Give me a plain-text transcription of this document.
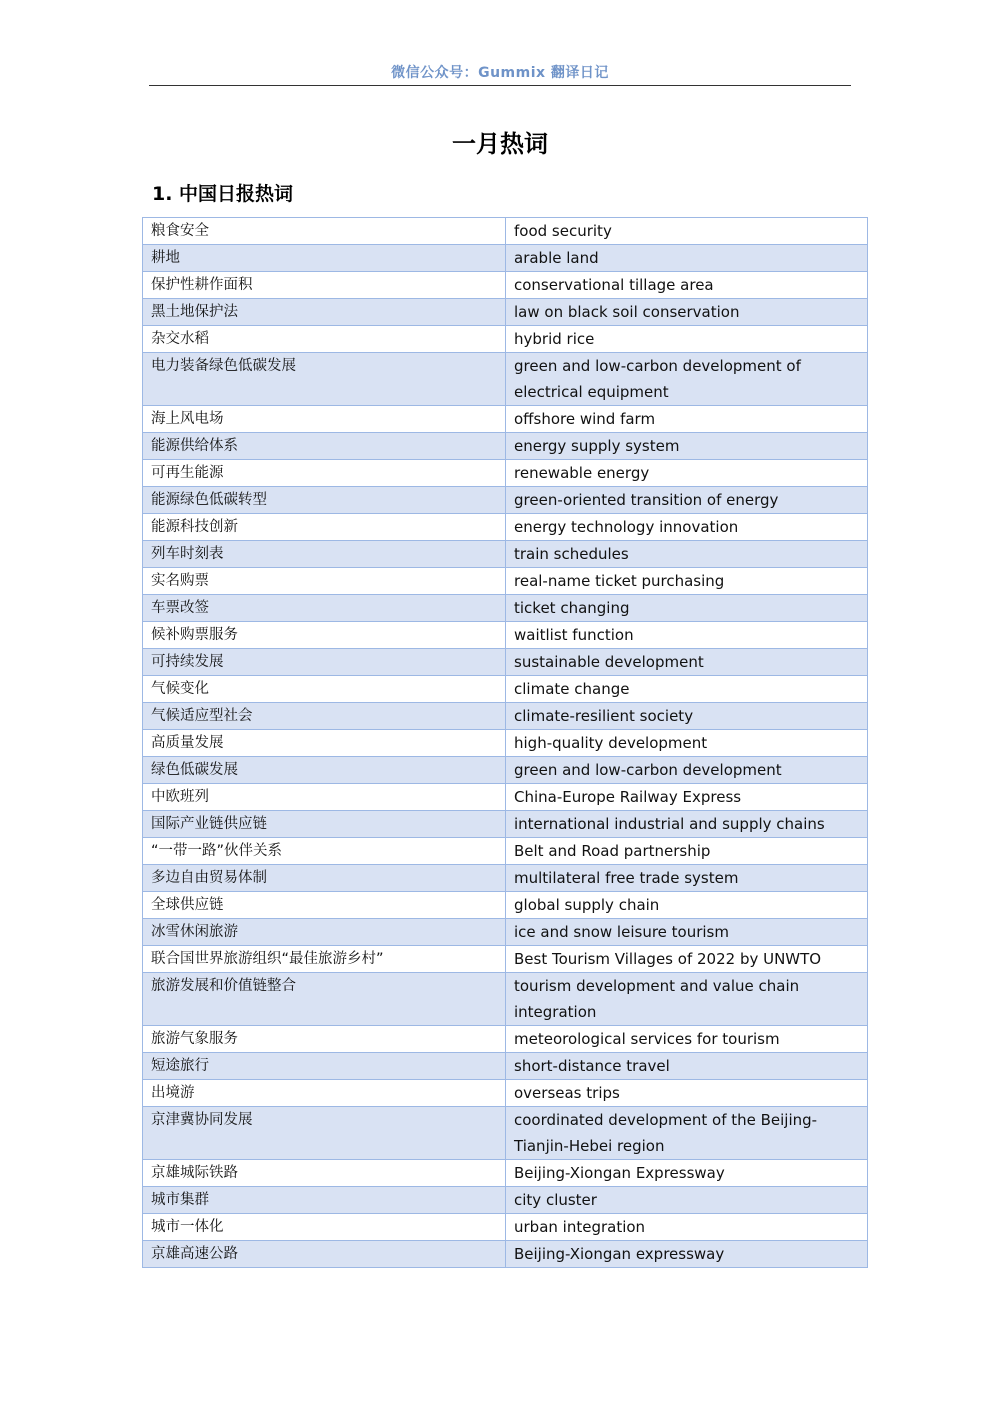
微信公众号：Gummix 翻译日记
一月热词
1. 中国日报热词
粮食安全	food security
耕地	arable land
保护性耕作面积	conservational tillage area
黑土地保护法	law on black soil conservation
杂交水稻	hybrid rice
电力装备绿色低碳发展	green and low-carbon development of electrical equipment
海上风电场	offshore wind farm
能源供给体系	energy supply system
可再生能源	renewable energy
能源绿色低碳转型	green-oriented transition of energy
能源科技创新	energy technology innovation
列车时刻表	train schedules
实名购票	real-name ticket purchasing
车票改签	ticket changing
候补购票服务	waitlist function
可持续发展	sustainable development
气候变化	climate change
气候适应型社会	climate-resilient society
高质量发展	high-quality development
绿色低碳发展	green and low-carbon development
中欧班列	China-Europe Railway Express
国际产业链供应链	international industrial and supply chains
“一带一路”伙伴关系	Belt and Road partnership
多边自由贸易体制	multilateral free trade system
全球供应链	global supply chain
冰雪休闲旅游	ice and snow leisure tourism
联合国世界旅游组织“最佳旅游乡村”	Best Tourism Villages of 2022 by UNWTO
旅游发展和价值链整合	tourism development and value chain integration
旅游气象服务	meteorological services for tourism
短途旅行	short-distance travel
出境游	overseas trips
京津冀协同发展	coordinated development of the Beijing-Tianjin-Hebei region
京雄城际铁路	Beijing-Xiongan Expressway
城市集群	city cluster
城市一体化	urban integration
京雄高速公路	Beijing-Xiongan expressway
